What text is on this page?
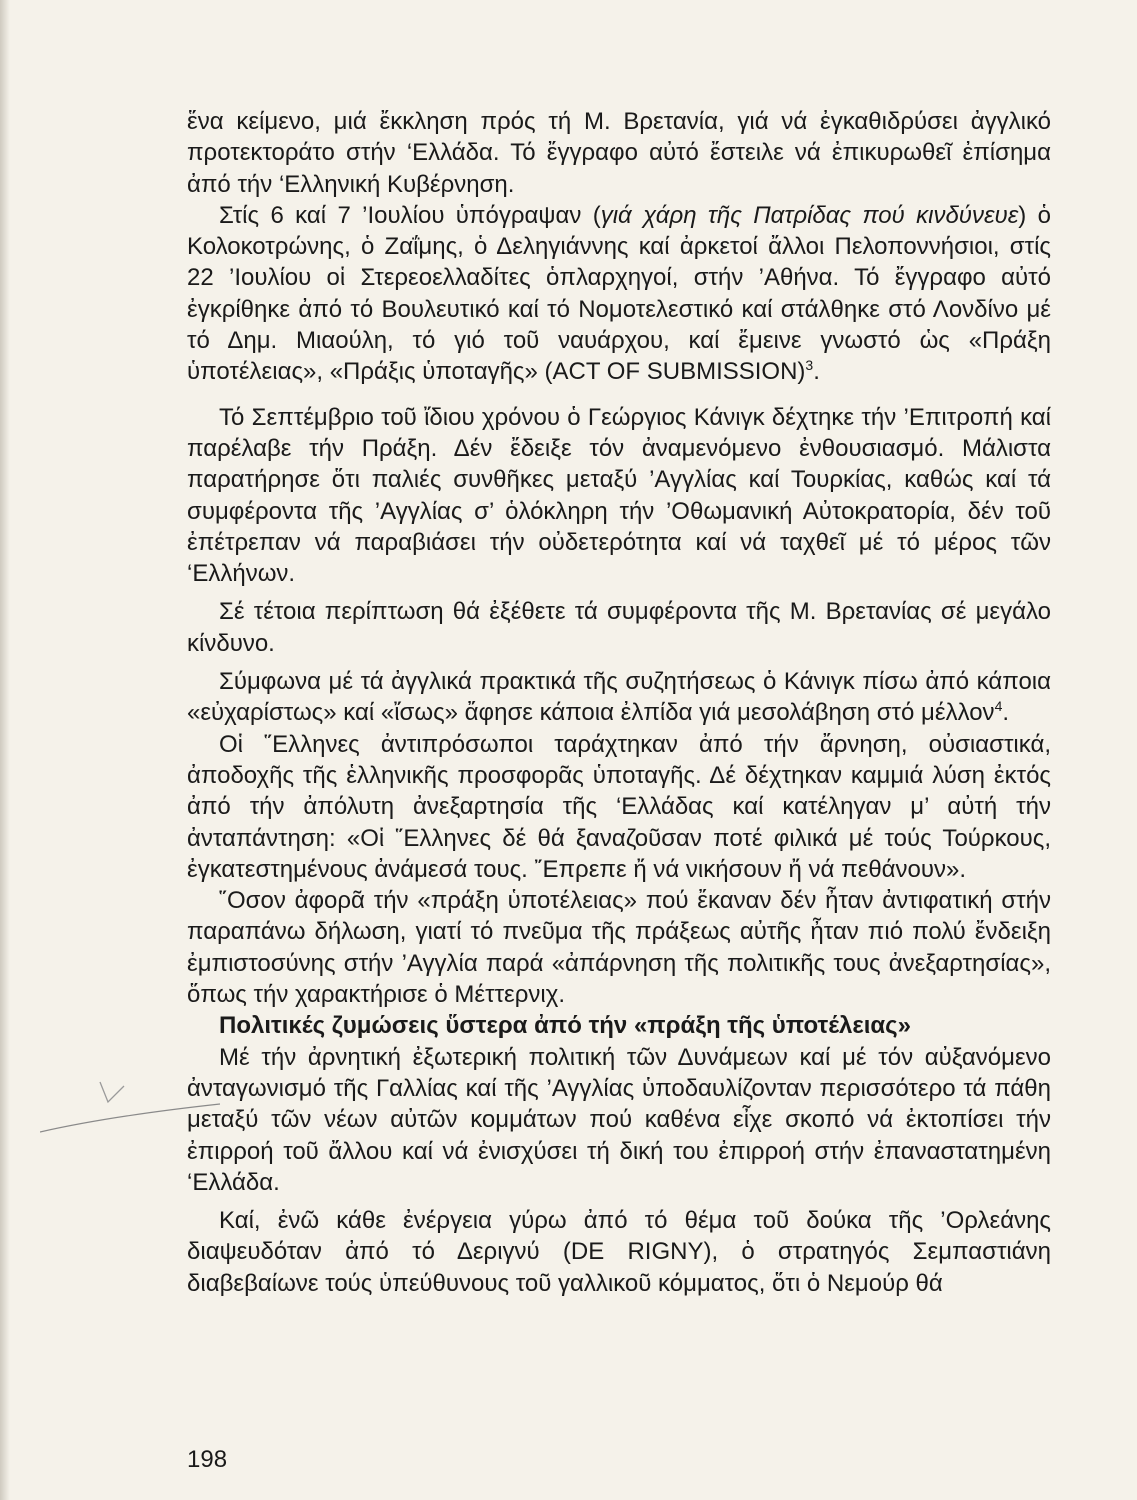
ἕνα κείμενο, μιά ἔκκληση πρός τή Μ. Βρετανία, γιά νά ἐγκαθιδρύσει ἀγγλικό προτεκτοράτο στήν ‘Ελλάδα. Τό ἔγγραφο αὐτό ἔστειλε νά ἐπικυρωθεῖ ἐπίσημα ἀπό τήν ‘Ελληνική Κυβέρνηση.

Στίς 6 καί 7 ’Ιουλίου ὑπόγραψαν (γιά χάρη τῆς Πατρίδας πού κινδύνευε) ὁ Κολοκοτρώνης, ὁ Ζαΐμης, ὁ Δεληγιάννης καί ἀρκετοί ἄλλοι Πελοποννήσιοι, στίς 22 ’Ιουλίου οἱ Στερεοελλαδίτες ὁπλαρχηγοί, στήν ’Αθήνα. Τό ἔγγραφο αὐτό ἐγκρίθηκε ἀπό τό Βουλευτικό καί τό Νομοτελεστικό καί στάλθηκε στό Λονδίνο μέ τό Δημ. Μιαούλη, τό γιό τοῦ ναυάρχου, καί ἔμεινε γνωστό ὡς «Πράξη ὑποτέλειας», «Πράξις ὑποταγῆς» (ACT OF SUBMISSION)$^3$.

Τό Σεπτέμβριο τοῦ ἴδιου χρόνου ὁ Γεώργιος Κάνιγκ δέχτηκε τήν ’Επιτροπή καί παρέλαβε τήν Πράξη. Δέν ἔδειξε τόν ἀναμενόμενο ἐνθουσιασμό. Μάλιστα παρατήρησε ὅτι παλιές συνθῆκες μεταξύ ’Αγγλίας καί Τουρκίας, καθώς καί τά συμφέροντα τῆς ’Αγγλίας σ’ ὁλόκληρη τήν ’Οθωμανική Αὐτοκρατορία, δέν τοῦ ἐπέτρεπαν νά παραβιάσει τήν οὐδετερότητα καί νά ταχθεῖ μέ τό μέρος τῶν ‘Ελλήνων.

Σέ τέτοια περίπτωση θά ἐξέθετε τά συμφέροντα τῆς Μ. Βρετανίας σέ μεγάλο κίνδυνο.

Σύμφωνα μέ τά ἀγγλικά πρακτικά τῆς συζητήσεως ὁ Κάνιγκ πίσω ἀπό κάποια «εὐχαρίστως» καί «ἴσως» ἄφησε κάποια ἐλπίδα γιά μεσολάβηση στό μέλλον$^4$.

Οἱ ῞Ελληνες ἀντιπρόσωποι ταράχτηκαν ἀπό τήν ἄρνηση, οὐσιαστικά, ἀποδοχῆς τῆς ἑλληνικῆς προσφορᾶς ὑποταγῆς. Δέ δέχτηκαν καμμιά λύση ἐκτός ἀπό τήν ἀπόλυτη ἀνεξαρτησία τῆς ‘Ελλάδας καί κατέληγαν μ’ αὐτή τήν ἀνταπάντηση: «Οἱ ῞Ελληνες δέ θά ξαναζοῦσαν ποτέ φιλικά μέ τούς Τούρκους, ἐγκατεστημένους ἀνάμεσά τους. ῎Επρεπε ἤ νά νικήσουν ἤ νά πεθάνουν».

῞Οσον ἀφορᾶ τήν «πράξη ὑποτέλειας» πού ἔκαναν δέν ἦταν ἀντιφατική στήν παραπάνω δήλωση, γιατί τό πνεῦμα τῆς πράξεως αὐτῆς ἦταν πιό πολύ ἔνδειξη ἐμπιστοσύνης στήν ’Αγγλία παρά «ἀπάρνηση τῆς πολιτικῆς τους ἀνεξαρτησίας», ὅπως τήν χαρακτήρισε ὁ Μέττερνιχ.

Πολιτικές ζυμώσεις ὕστερα ἀπό τήν «πράξη τῆς ὑποτέλειας»

Μέ τήν ἀρνητική ἐξωτερική πολιτική τῶν Δυνάμεων καί μέ τόν αὐξανόμενο ἀνταγωνισμό τῆς Γαλλίας καί τῆς ’Αγγλίας ὑποδαυλίζονταν περισσότερο τά πάθη μεταξύ τῶν νέων αὐτῶν κομμάτων πού καθένα εἶχε σκοπό νά ἐκτοπίσει τήν ἐπιρροή τοῦ ἄλλου καί νά ἐνισχύσει τή δική του ἐπιρροή στήν ἐπαναστατημένη ‘Ελλάδα.

Καί, ἐνῶ κάθε ἐνέργεια γύρω ἀπό τό θέμα τοῦ δούκα τῆς ’Ορλεάνης διαψευδόταν ἀπό τό Δεριγνύ (DE RIGNY), ὁ στρατηγός Σεμπαστιάνη διαβεβαίωνε τούς ὑπεύθυνους τοῦ γαλλικοῦ κόμματος, ὅτι ὁ Νεμούρ θά

198
